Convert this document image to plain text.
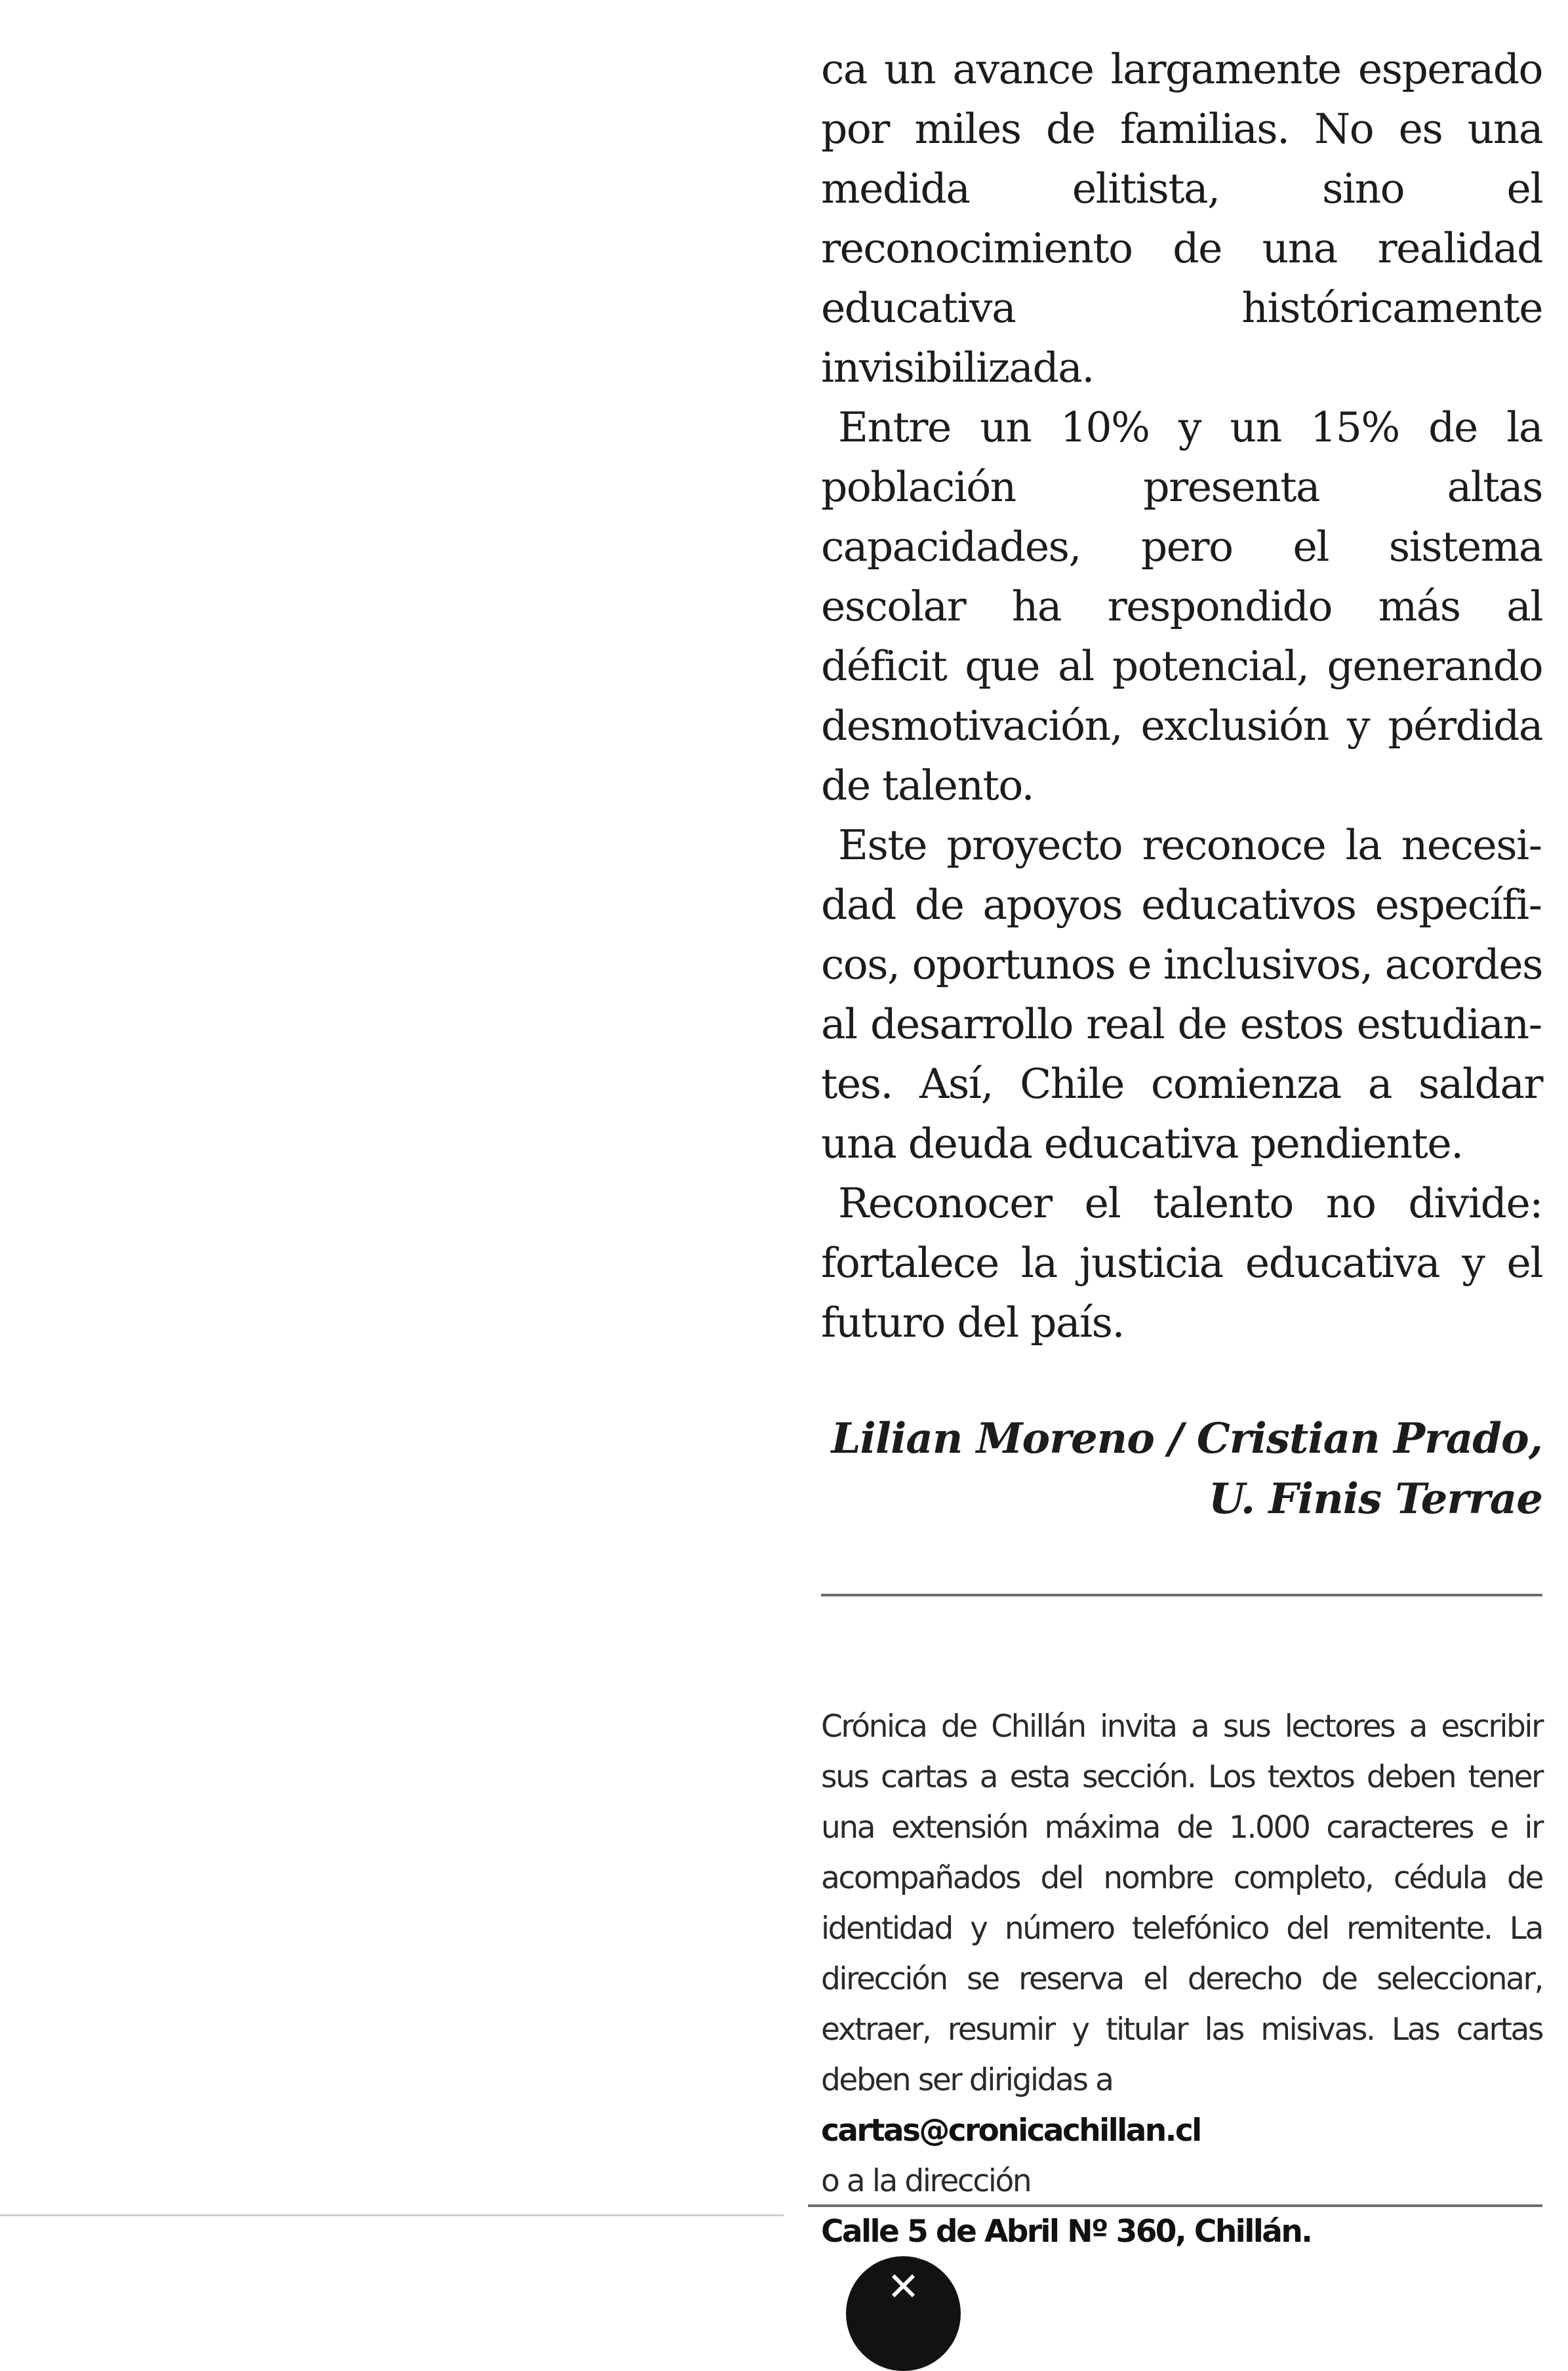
ca un avance largamente esperado por miles de familias. No es una medida elitista, sino el reconocimiento de una realidad educativa históricamente invisibilizada.

Entre un 10% y un 15% de la población presenta altas capacidades, pero el sistema escolar ha respondido más al déficit que al potencial, generando desmotivación, exclusión y pérdida de talento.

Este proyecto reconoce la necesidad de apoyos educativos específicos, oportunos e inclusivos, acordes al desarrollo real de estos estudiantes. Así, Chile comienza a saldar una deuda educativa pendiente.

Reconocer el talento no divide: fortalece la justicia educativa y el futuro del país.

Lilian Moreno / Cristian Prado,
U. Finis Terrae
Crónica de Chillán invita a sus lectores a escribir sus cartas a esta sección. Los textos deben tener una extensión máxima de 1.000 caracteres e ir acompañados del nombre completo, cédula de identidad y número telefónico del remitente. La dirección se reserva el derecho de seleccionar, extraer, resumir y titular las misivas. Las cartas deben ser dirigidas a
cartas@cronicachillan.cl
o a la dirección
Calle 5 de Abril Nº 360, Chillán.
✕
